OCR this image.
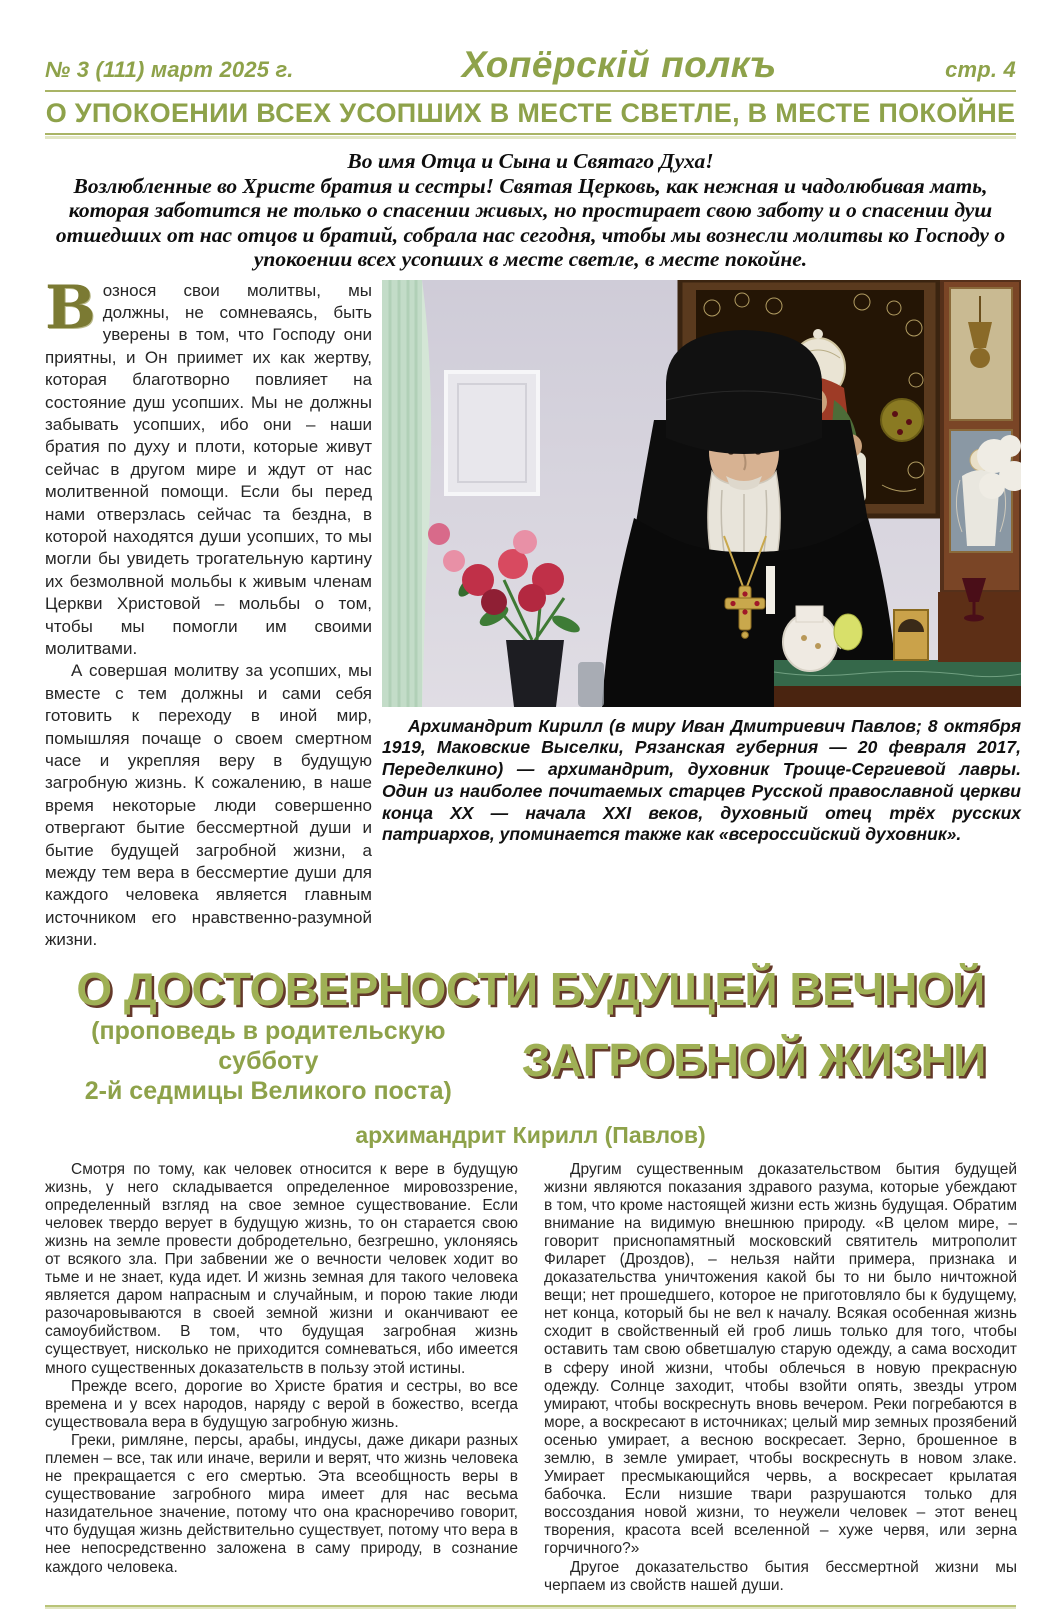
№ 3 (111) март 2025 г.	Хопёрскій полкъ	стр. 4
О УПОКОЕНИИ ВСЕХ УСОПШИХ В МЕСТЕ СВЕТЛЕ, В МЕСТЕ ПОКОЙНЕ
Во имя Отца и Сына и Святаго Духа!
Возлюбленные во Христе братия и сестры! Святая Церковь, как нежная и чадолюбивая мать, которая заботится не только о спасении живых, но простирает свою заботу и о спасении душ отшедших от нас отцов и братий, собрала нас сегодня, чтобы мы вознесли молитвы ко Господу о упокоении всех усопших в месте светле, в месте покойне.

Вознося свои молитвы, мы должны, не сомневаясь, быть уверены в том, что Господу они приятны, и Он приимет их как жертву, которая благотворно повлияет на состояние душ усопших. Мы не должны забывать усопших, ибо они – наши братия по духу и плоти, которые живут сейчас в другом мире и ждут от нас молитвенной помощи. Если бы перед нами отверзлась сейчас та бездна, в которой находятся души усопших, то мы могли бы увидеть трогательную картину их безмолвной мольбы к живым членам Церкви Христовой – мольбы о том, чтобы мы помогли им своими молитвами.

А совершая молитву за усопших, мы вместе с тем должны и сами себя готовить к переходу в иной мир, помышляя почаще о своем смертном часе и укрепляя веру в будущую загробную жизнь. К сожалению, в наше время некоторые люди совершенно отвергают бытие бессмертной души и бытие будущей загробной жизни, а между тем вера в бессмертие души для каждого человека является главным источником его нравственно-разумной жизни.

Архимандрит Кирилл (в миру Иван Дмитриевич Павлов; 8 октября 1919, Маковские Выселки, Рязанская губерния — 20 февраля 2017, Переделкино) — архимандрит, духовник Троице-Сергиевой лавры. Один из наиболее почитаемых старцев Русской православной церкви конца XX — начала XXI веков, духовный отец трёх русских патриархов, упоминается также как «всероссийский духовник».
О ДОСТОВЕРНОСТИ БУДУЩЕЙ ВЕЧНОЙ
(проповедь в родительскую субботу
2-й седмицы Великого поста)
ЗАГРОБНОЙ ЖИЗНИ
архимандрит Кирилл (Павлов)

Смотря по тому, как человек относится к вере в будущую жизнь, у него складывается определенное мировоззрение, определенный взгляд на свое земное существование. Если человек твердо верует в будущую жизнь, то он старается свою жизнь на земле провести добродетельно, безгрешно, уклоняясь от всякого зла. При забвении же о вечности человек ходит во тьме и не знает, куда идет. И жизнь земная для такого человека является даром напрасным и случайным, и порою такие люди разочаровываются в своей земной жизни и оканчивают ее самоубийством. В том, что будущая загробная жизнь существует, нисколько не приходится сомневаться, ибо имеется много существенных доказательств в пользу этой истины.

Прежде всего, дорогие во Христе братия и сестры, во все времена и у всех народов, наряду с верой в божество, всегда существовала вера в будущую загробную жизнь.

Греки, римляне, персы, арабы, индусы, даже дикари разных племен – все, так или иначе, верили и верят, что жизнь человека не прекращается с его смертью. Эта всеобщность веры в существование загробного мира имеет для нас весьма назидательное значение, потому что она красноречиво говорит, что будущая жизнь действительно существует, потому что вера в нее непосредственно заложена в саму природу, в сознание каждого человека.

Другим существенным доказательством бытия будущей жизни являются показания здравого разума, которые убеждают в том, что кроме настоящей жизни есть жизнь будущая. Обратим внимание на видимую внешнюю природу. «В целом мире, – говорит приснопамятный московский святитель митрополит Филарет (Дроздов), – нельзя найти примера, признака и доказательства уничтожения какой бы то ни было ничтожной вещи; нет прошедшего, которое не приготовляло бы к будущему, нет конца, который бы не вел к началу. Всякая особенная жизнь сходит в свойственный ей гроб лишь только для того, чтобы оставить там свою обветшалую старую одежду, а сама восходит в сферу иной жизни, чтобы облечься в новую прекрасную одежду. Солнце заходит, чтобы взойти опять, звезды утром умирают, чтобы воскреснуть вновь вечером. Реки погребаются в море, а воскресают в источниках; целый мир земных прозябений осенью умирает, а весною воскресает. Зерно, брошенное в землю, в земле умирает, чтобы воскреснуть в новом злаке. Умирает пресмыкающийся червь, а воскресает крылатая бабочка. Если низшие твари разрушаются только для воссоздания новой жизни, то неужели человек – этот венец творения, красота всей вселенной – хуже червя, или зерна горчичного?»

Другое доказательство бытия бессмертной жизни мы черпаем из свойств нашей души.
